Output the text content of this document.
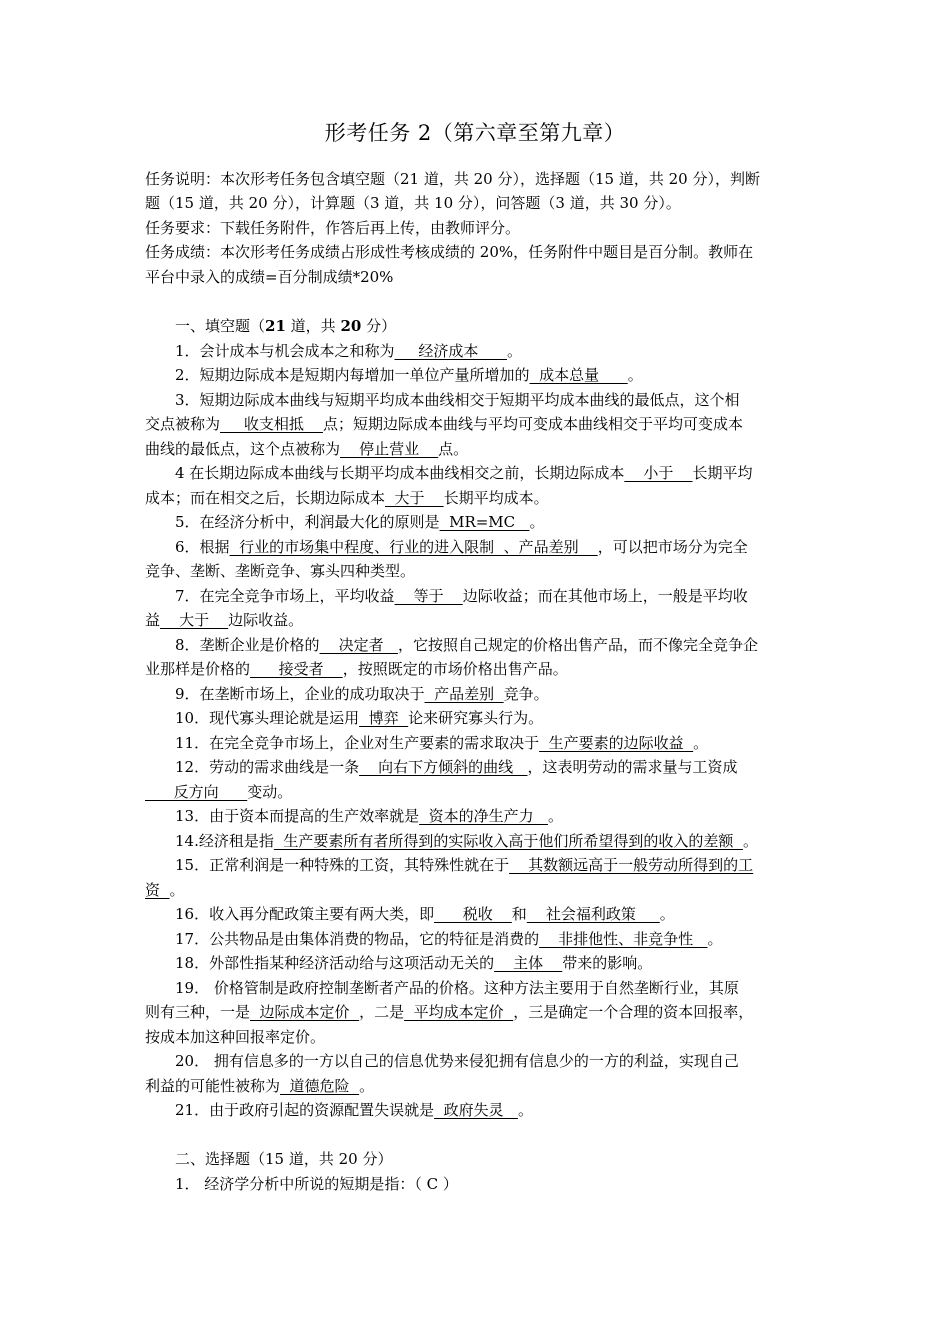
形考任务 2（第六章至第九章）
任务说明：本次形考任务包含填空题（21 道，共 20 分），选择题（15 道，共 20 分），判断
题（15 道，共 20 分），计算题（3 道，共 10 分），问答题（3 道，共 30 分）。
任务要求：下载任务附件，作答后再上传，由教师评分。
任务成绩：本次形考任务成绩占形成性考核成绩的 20%，任务附件中题目是百分制。教师在
平台中录入的成绩=百分制成绩*20%
一、填空题（21 道，共 20 分）
1．会计成本与机会成本之和称为     经济成本      。
2．短期边际成本是短期内每增加一单位产量所增加的  成本总量      。
3．短期边际成本曲线与短期平均成本曲线相交于短期平均成本曲线的最低点，这个相
交点被称为     收支相抵    点；短期边际成本曲线与平均可变成本曲线相交于平均可变成本
曲线的最低点，这个点被称为    停止营业    点。
4 在长期边际成本曲线与长期平均成本曲线相交之前，长期边际成本    小于    长期平均
成本；而在相交之后，长期边际成本  大于    长期平均成本。
5．在经济分析中，利润最大化的原则是  MR=MC   。
6．根据  行业的市场集中程度、行业的进入限制  、产品差别    ，可以把市场分为完全
竞争、垄断、垄断竞争、寡头四种类型。
7．在完全竞争市场上，平均收益    等于    边际收益；而在其他市场上，一般是平均收
益    大于    边际收益。
8．垄断企业是价格的    决定者   ，它按照自己规定的价格出售产品，而不像完全竞争企
业那样是价格的      接受者    ，按照既定的市场价格出售产品。
9．在垄断市场上，企业的成功取决于  产品差别  竞争。
10．现代寡头理论就是运用  博弈  论来研究寡头行为。
11．在完全竞争市场上，企业对生产要素的需求取决于  生产要素的边际收益  。
12．劳动的需求曲线是一条    向右下方倾斜的曲线   ，这表明劳动的需求量与工资成
反方向      变动。
13．由于资本而提高的生产效率就是  资本的净生产力   。
14.经济租是指  生产要素所有者所得到的实际收入高于他们所希望得到的收入的差额  。
15．正常利润是一种特殊的工资，其特殊性就在于    其数额远高于一般劳动所得到的工
资  。
16．收入再分配政策主要有两大类，即      税收    和    社会福利政策     。
17．公共物品是由集体消费的物品，它的特征是消费的    非排他性、非竞争性   。
18．外部性指某种经济活动给与这项活动无关的    主体    带来的影响。
19． 价格管制是政府控制垄断者产品的价格。这种方法主要用于自然垄断行业，其原
则有三种，一是  边际成本定价  ，二是  平均成本定价  ，三是确定一个合理的资本回报率，
按成本加这种回报率定价。
20． 拥有信息多的一方以自己的信息优势来侵犯拥有信息少的一方的利益，实现自己
利益的可能性被称为  道德危险  。
21．由于政府引起的资源配置失误就是  政府失灵   。
二、选择题（15 道，共 20 分）
1． 经济学分析中所说的短期是指：（ C ）
